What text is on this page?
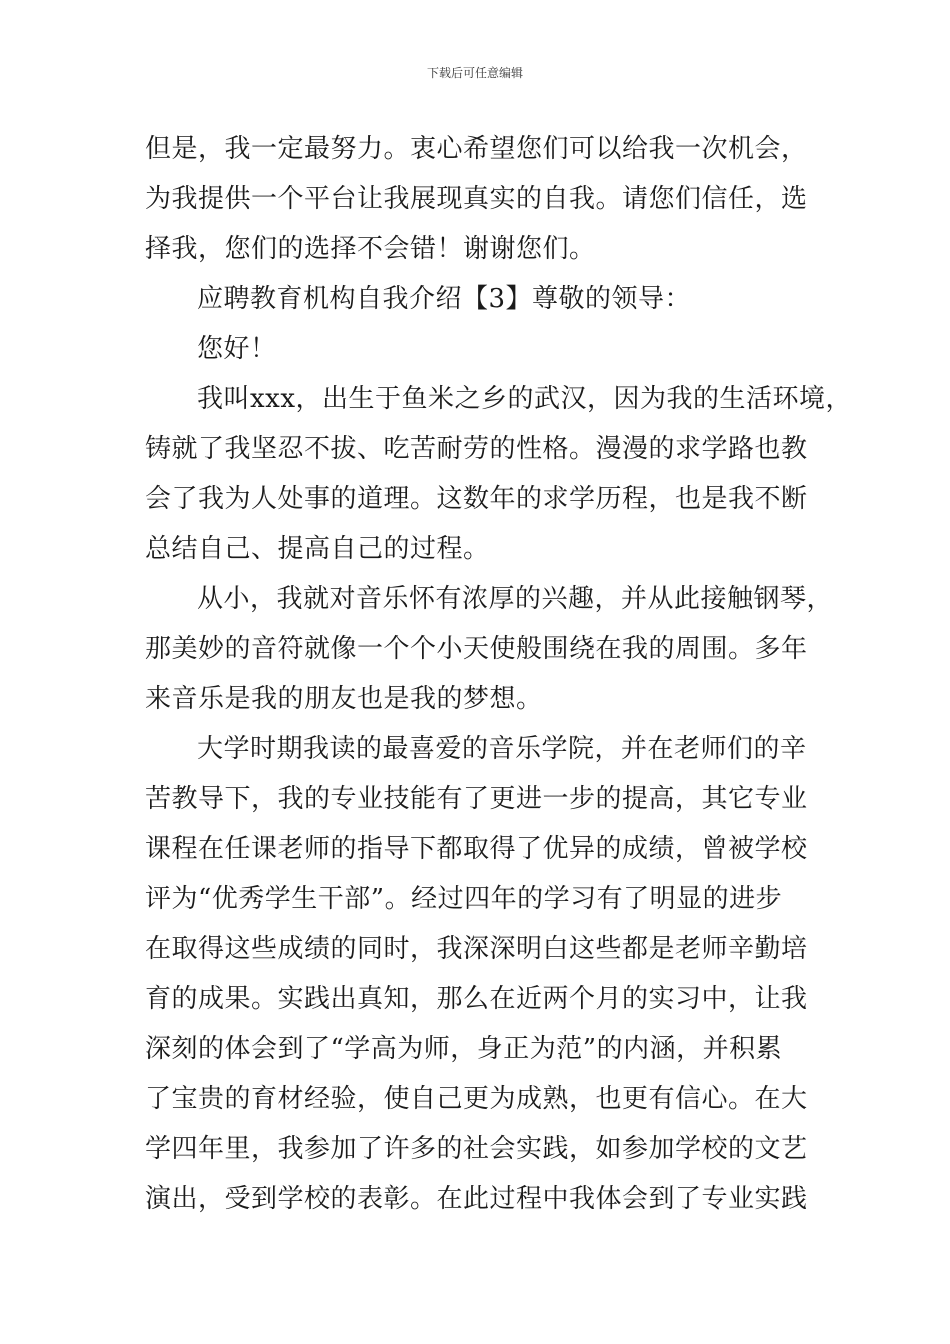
下载后可任意编辑
但是，我一定最努力。衷心希望您们可以给我一次机会，
为我提供一个平台让我展现真实的自我。请您们信任，选
择我，您们的选择不会错！谢谢您们。
应聘教育机构自我介绍【3】尊敬的领导：
您好！
我叫xxx，出生于鱼米之乡的武汉，因为我的生活环境，
铸就了我坚忍不拔、吃苦耐劳的性格。漫漫的求学路也教
会了我为人处事的道理。这数年的求学历程，也是我不断
总结自己、提高自己的过程。
从小，我就对音乐怀有浓厚的兴趣，并从此接触钢琴，
那美妙的音符就像一个个小天使般围绕在我的周围。多年
来音乐是我的朋友也是我的梦想。
大学时期我读的最喜爱的音乐学院，并在老师们的辛
苦教导下，我的专业技能有了更进一步的提高，其它专业
课程在任课老师的指导下都取得了优异的成绩，曾被学校
评为“优秀学生干部”。经过四年的学习有了明显的进步
在取得这些成绩的同时，我深深明白这些都是老师辛勤培
育的成果。实践出真知，那么在近两个月的实习中，让我
深刻的体会到了“学高为师，身正为范”的内涵，并积累
了宝贵的育材经验，使自己更为成熟，也更有信心。在大
学四年里，我参加了许多的社会实践，如参加学校的文艺
演出，受到学校的表彰。在此过程中我体会到了专业实践
